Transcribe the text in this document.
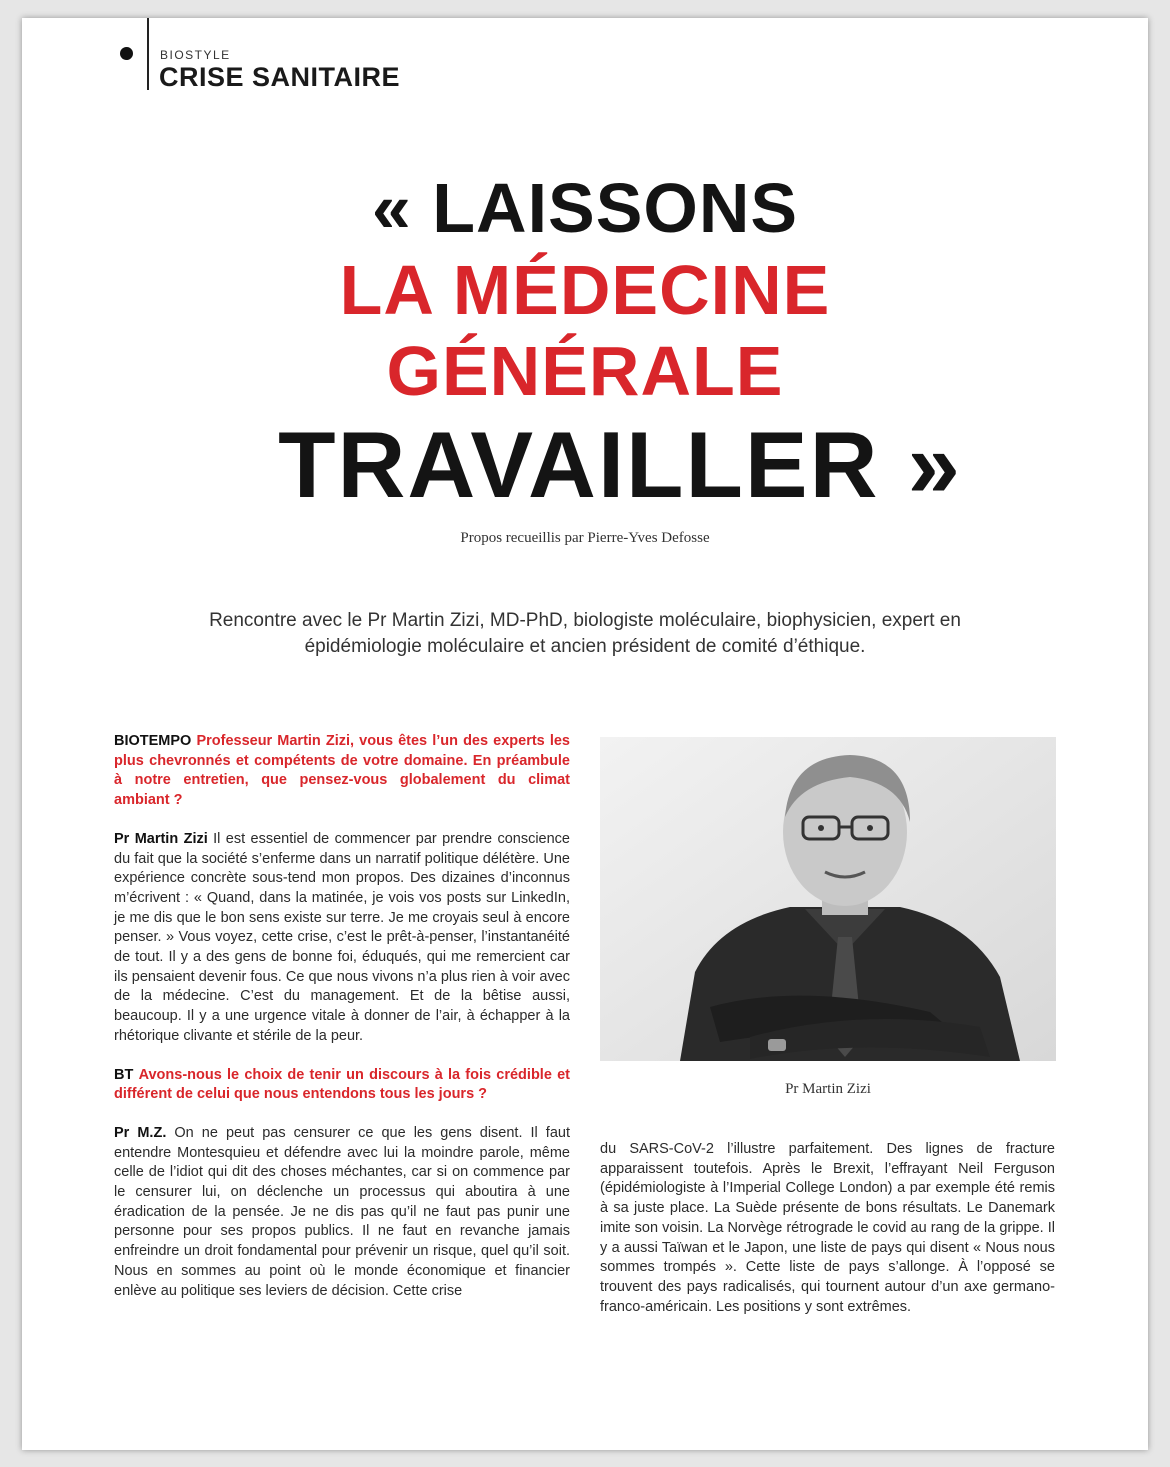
BIOSTYLE
CRISE SANITAIRE
« LAISSONS
LA MÉDECINE
GÉNÉRALE
TRAVAILLER »
Propos recueillis par Pierre-Yves Defosse
Rencontre avec le Pr Martin Zizi, MD-PhD, biologiste moléculaire, biophysicien, expert en épidémiologie moléculaire et ancien président de comité d’éthique.

BIOTEMPO Professeur Martin Zizi, vous êtes l’un des experts les plus chevronnés et compétents de votre domaine. En préambule à notre entretien, que pensez-vous globalement du climat ambiant ?

Pr Martin Zizi Il est essentiel de commencer par prendre conscience du fait que la société s’enferme dans un narratif politique délétère. Une expérience concrète sous-tend mon propos. Des dizaines d’inconnus m’écrivent : « Quand, dans la matinée, je vois vos posts sur LinkedIn, je me dis que le bon sens existe sur terre. Je me croyais seul à encore penser. » Vous voyez, cette crise, c’est le prêt-à-penser, l’instantanéité de tout. Il y a des gens de bonne foi, éduqués, qui me remercient car ils pensaient devenir fous. Ce que nous vivons n’a plus rien à voir avec de la médecine. C’est du management. Et de la bêtise aussi, beaucoup. Il y a une urgence vitale à donner de l’air, à échapper à la rhétorique clivante et stérile de la peur.

BT Avons-nous le choix de tenir un discours à la fois crédible et différent de celui que nous entendons tous les jours ?

Pr M.Z. On ne peut pas censurer ce que les gens disent. Il faut entendre Montesquieu et défendre avec lui la moindre parole, même celle de l’idiot qui dit des choses méchantes, car si on commence par le censurer lui, on déclenche un processus qui aboutira à une éradication de la pensée. Je ne dis pas qu’il ne faut pas punir une personne pour ses propos publics. Il ne faut en revanche jamais enfreindre un droit fondamental pour prévenir un risque, quel qu’il soit. Nous en sommes au point où le monde économique et financier enlève au politique ses leviers de décision. Cette crise

Pr Martin Zizi

du SARS-CoV-2 l’illustre parfaitement. Des lignes de fracture apparaissent toutefois. Après le Brexit, l’effrayant Neil Ferguson (épidémiologiste à l’Imperial College London) a par exemple été remis à sa juste place. La Suède présente de bons résultats. Le Danemark imite son voisin. La Norvège rétrograde le covid au rang de la grippe. Il y a aussi Taïwan et le Japon, une liste de pays qui disent « Nous nous sommes trompés ». Cette liste de pays s’allonge. À l’opposé se trouvent des pays radicalisés, qui tournent autour d’un axe germano-franco-américain. Les positions y sont extrêmes.
